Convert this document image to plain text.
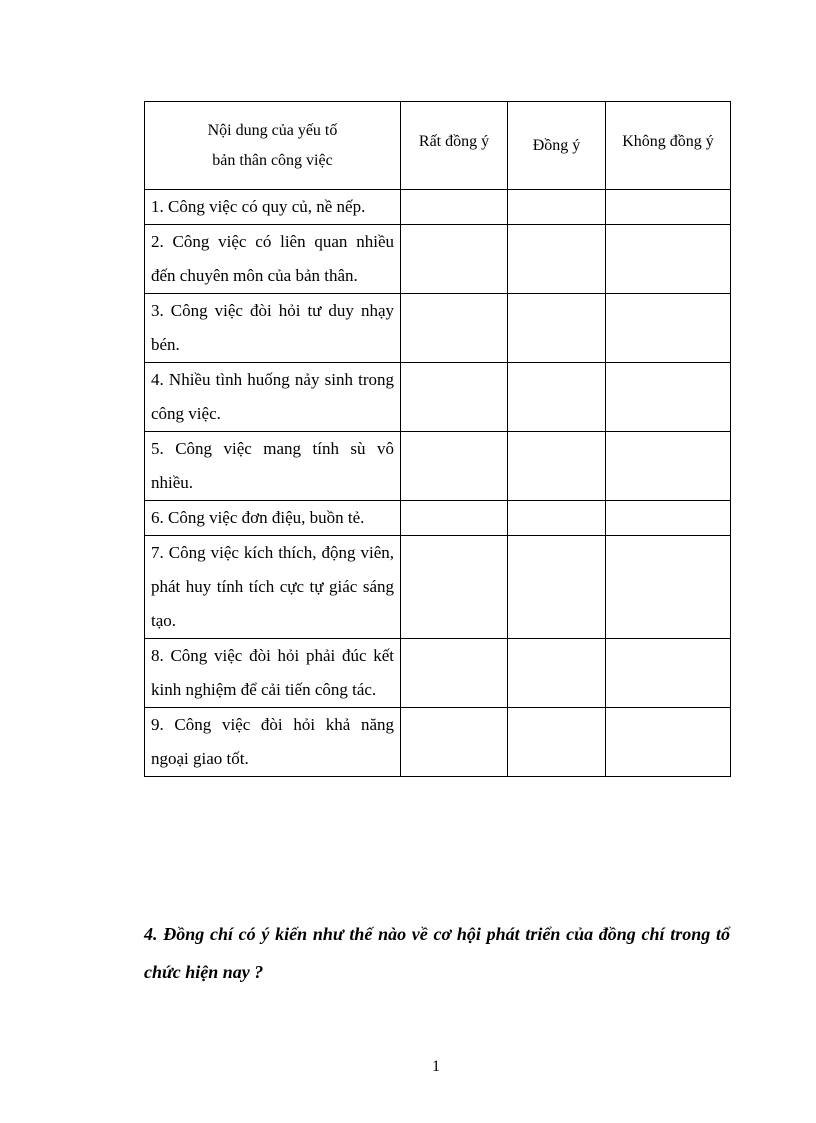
Nội dung của yếu tố
bản thân công việc	Rất đồng ý	Đồng ý	Không đồng ý

1. Công việc có quy củ, nề nếp.			
2. Công việc có liên quan nhiều đến chuyên môn của bản thân.			
3. Công việc đòi hỏi tư duy nhạy bén.			
4. Nhiều tình huống nảy sinh trong công việc.			
5. Công việc mang tính sù vô nhiều.			
6. Công việc đơn điệu, buồn tẻ.			
7. Công việc kích thích, động viên, phát huy tính tích cực tự giác sáng tạo.			
8. Công việc đòi hỏi phải đúc kết kinh nghiệm để cải tiến công tác.			
9. Công việc đòi hỏi khả năng ngoại giao tốt.			

4. Đồng chí có ý kiến như thế nào về cơ hội phát triển của đồng chí trong tổ chức hiện nay ?

1
